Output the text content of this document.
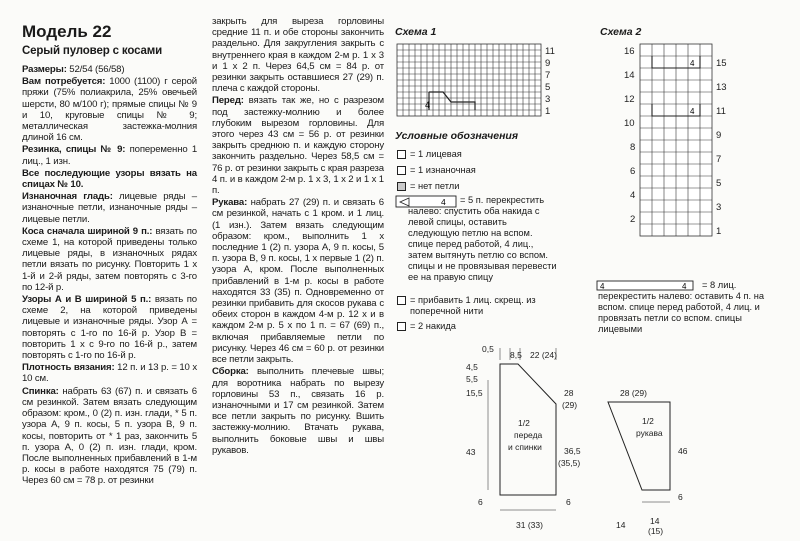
Модель 22
Серый пуловер с косами
Размеры: 52/54 (56/58)
Вам потребуется: 1000 (1100) г серой пряжи (75% полиакрила, 25% овечьей шерсти, 80 м/100 г); прямые спицы № 9 и 10, круговые спицы № 9; металлическая застежка-молния длиной 16 см.
Резинка, спицы № 9: попеременно 1 лиц., 1 изн.
Все последующие узоры вязать на спицах № 10.
Изнаночная гладь: лицевые ряды – изнаночные петли, изнаночные ряды – лицевые петли.
Коса сначала шириной 9 п.: вязать по схеме 1, на которой приведены только лицевые ряды, в изнаночных рядах петли вязать по рисунку. Повторить 1 х 1-й и 2-й ряды, затем повторять с 3-го по 12-й р.
Узоры А и В шириной 5 п.: вязать по схеме 2, на которой приведены лицевые и изнаночные ряды. Узор А = повторять с 1-го по 16-й р. Узор В = повторить 1 х с 9-го по 16-й р., затем повторять с 1-го по 16-й р.
Плотность вязания: 12 п. и 13 р. = 10 х 10 см.
Спинка: набрать 63 (67) п. и связать 6 см резинкой. Затем вязать следующим образом: кром., 0 (2) п. изн. глади, * 5 п. узора А, 9 п. косы, 5 п. узора В, 9 п. косы, повторить от * 1 раз, закончить 5 п. узора А, 0 (2) п. изн. глади, кром. После выполненных прибавлений в 1-м р. косы в работе находятся 75 (79) п. Через 60 см = 78 р. от резинки
закрыть для выреза горловины средние 11 п. и обе стороны закончить раздельно. Для закругления закрыть с внутреннего края в каждом 2-м р. 1 х 3 и 1 х 2 п. Через 64,5 см = 84 р. от резинки закрыть оставшиеся 27 (29) п. плеча с каждой стороны.
Перед: вязать так же, но с разрезом под застежку-молнию и более глубоким вырезом горловины. Для этого через 43 см = 56 р. от резинки закрыть среднюю п. и каждую сторону закончить раздельно. Через 58,5 см = 76 р. от резинки закрыть с края разреза 4 п. и в каждом 2-м р. 1 х 3, 1 х 2 и 1 х 1 п.
Рукава: набрать 27 (29) п. и связать 6 см резинкой, начать с 1 кром. и 1 лиц. (1 изн.). Затем вязать следующим образом: кром., выполнить 1 х последние 1 (2) п. узора А, 9 п. косы, 5 п. узора В, 9 п. косы, 1 х первые 1 (2) п. узора А, кром. После выполненных прибавлений в 1-м р. косы в работе находятся 33 (35) п. Одновременно от резинки прибавить для скосов рукава с обеих сторон в каждом 4-м р. 12 х и в каждом 2-м р. 5 х по 1 п. = 67 (69) п., включая прибавляемые петли по рисунку. Через 46 см = 60 р. от резинки все петли закрыть.
Сборка: выполнить плечевые швы; для воротника набрать по вырезу горловины 53 п., связать 16 р. изнаночными и 17 см резинкой. Затем все петли закрыть по рисунку. Вшить застежку-молнию. Втачать рукава, выполнить боковые швы и швы рукавов.
Схема 1
4
11
9
7
5
3
1
Схема 2
4
4
16
14
12
10
8
6
4
2
15
13
11
9
7
5
3
1
Условные обозначения
= 1 лицевая
= 1 изнаночная
= нет петли
4	= 5 п. перекрестить налево: спустить оба накида с левой спицы, оставить следующую петлю на вспом. спице перед работой, 4 лиц., затем вытянуть петлю со вспом. спицы и не провязывая перевести ее на правую спицу
= прибавить 1 лиц. скрещ. из поперечной нити
= 2 накида
4	4	= 8 лиц. перекрестить налево: оставить 4 п. на вспом. спице перед работой, 4 лиц. и провязать петли со вспом. спицы лицевыми
0,5
8,5 22 (24)
4,5
5,5
15,5	28
(29)
43	36,5
(35,5)
6	6
31 (33)
1/2
переда
и спинки
28 (29)
46
6
14	14
(15)
1/2
рукава
